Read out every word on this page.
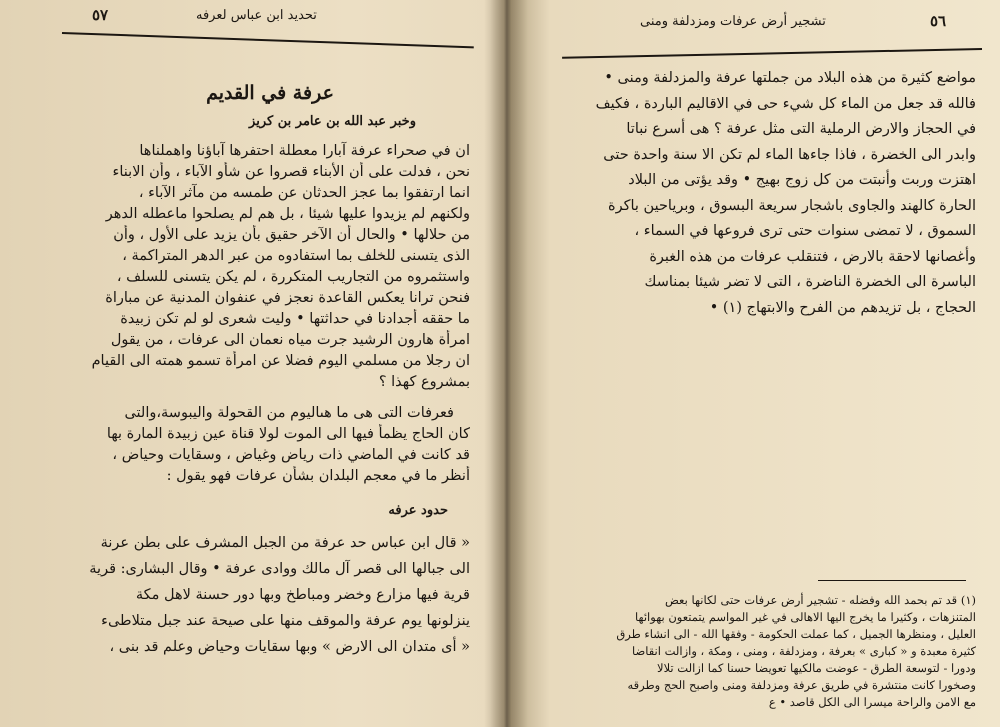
٥٧	تحديد ابن عباس لعرفه
عرفة في القديم
وخبر عبد الله بن عامر بن كريز
ان في صحراء عرفة آبارا معطلة احتفرها آباؤنا واهملناها
نحن ، فدلت على أن الأبناء قصروا عن شأو الآباء ، وأن الابناء
انما ارتفقوا بما عجز الحدثان عن طمسه من مآثر الآباء ،
ولكنهم لم يزيدوا عليها شيئا ، بل هم لم يصلحوا ماعطله الدهر
من حلالها • والحال أن الآخر حقيق بأن يزيد على الأول ، وأن
الذى يتسنى للخلف بما استفادوه من عبر الدهر المتراكمة ،
واستثمروه من التجاريب المتكررة ، لم يكن يتسنى للسلف ،
فنحن ترانا يعكس القاعدة نعجز في عنفوان المدنية عن مباراة
ما حققه أجدادنا في حداثتها • وليت شعرى لو لم تكن زبيدة
امرأة هارون الرشيد جرت مياه نعمان الى عرفات ، من يقول
ان رجلا من مسلمي اليوم فضلا عن امرأة تسمو همته الى القيام
بمشروع كهذا ؟
فعرفات التى هى ما هىاليوم من القحولة واليبوسة،والتى
كان الحاج يظمأ فيها الى الموت لولا قناة عين زبيدة المارة بها
قد كانت في الماضي ذات رياض وغياض ، وسقايات وحياض ،
أنظر ما في معجم البلدان بشأن عرفات فهو يقول :
حدود عرفه
« قال ابن عباس حد عرفة من الجبل المشرف على بطن عرنة
الى جبالها الى قصر آل مالك ووادى عرفة • وقال البشارى: قرية
قرية فيها مزارع وخضر ومباطخ وبها دور حسنة لاهل مكة
ينزلونها يوم عرفة والموقف منها على صيحة عند جبل متلاطىء
« أى متدان الى الارض » وبها سقايات وحياض وعلم قد بنى ،
تشجير أرض عرفات ومزدلفة ومنى	٥٦
مواضع كثيرة من هذه البلاد من جملتها عرفة والمزدلفة ومنى •
فالله قد جعل من الماء كل شيء حى في الاقاليم الباردة ، فكيف
في الحجاز والارض الرملية التى مثل عرفة ؟ هى أسرع نباتا
وابدر الى الخضرة ، فاذا جاءها الماء لم تكن الا سنة واحدة حتى
اهتزت وربت وأنبتت من كل زوج بهيج • وقد يؤتى من البلاد
الحارة كالهند والجاوى باشجار سريعة البسوق ، وبرياحين باكرة
السموق ، لا تمضى سنوات حتى ترى فروعها في السماء ،
وأغصانها لاحقة بالارض ، فتنقلب عرفات من هذه الغبرة
الباسرة الى الخضرة الناضرة ، التى لا تضر شيئا بمناسك
الحجاج ، بل تزيدهم من الفرح والابتهاج (١) •
(١) قد تم بحمد الله وفضله - تشجير أرض عرفات حتى لكانها بعض
المتنزهات ، وكثيرا ما يخرج اليها الاهالى في غير المواسم يتمتعون بهوائها
العليل ، ومنظرها الجميل ، كما عملت الحكومة - وفقها الله - الى انشاء طرق
كثيرة معبدة و « كبارى » بعرفة ، ومزدلفة ، ومنى ، ومكة ، وازالت انقاضا
ودورا - لتوسعة الطرق - عوضت مالكيها تعويضا حسنا كما ازالت تلالا
وصخورا كانت منتشرة في طريق عرفة ومزدلفة ومنى واصبح الحج وطرقه
مع الامن والراحة ميسرا الى الكل قاصد • ع
